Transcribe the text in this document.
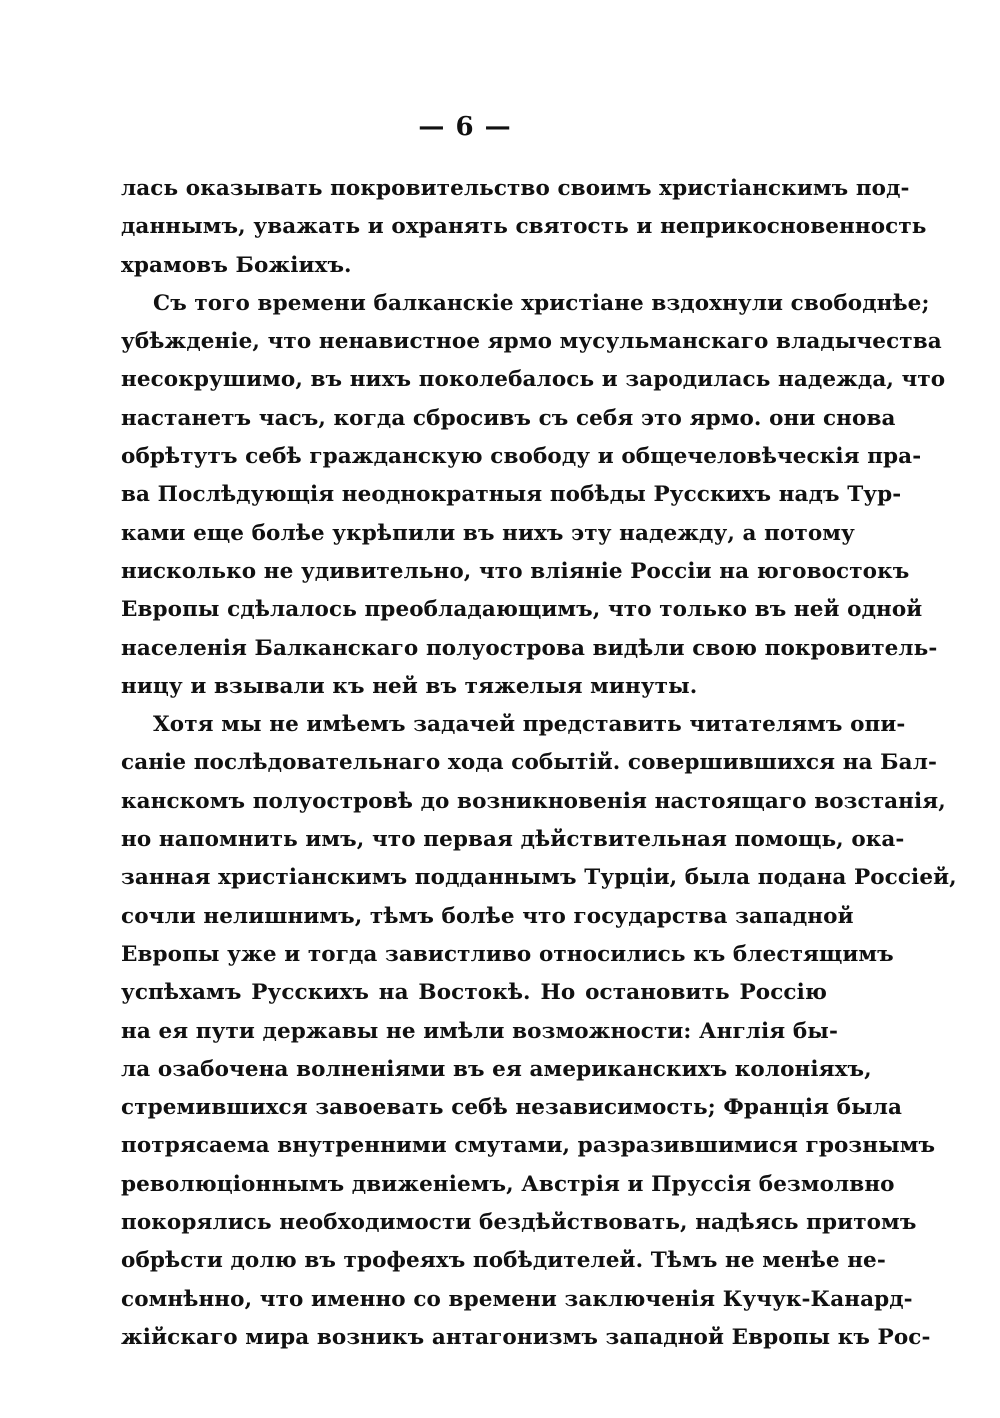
— 6 —
лась оказывать покровительство своимъ христіанскимъ под-
даннымъ, уважать и охранять святость и неприкосновенность
храмовъ Божіихъ.
Съ того времени балканскіе христіане вздохнули свободнѣе;
убѣжденіе, что ненавистное ярмо мусульманскаго владычества
несокрушимо, въ нихъ поколебалось и зародилась надежда, что
настанетъ часъ, когда сбросивъ съ себя это ярмо. они снова
обрѣтутъ себѣ гражданскую свободу и общечеловѣческія пра-
ва Послѣдующія неоднократныя побѣды Русскихъ надъ Тур-
ками еще болѣе укрѣпили въ нихъ эту надежду, а потому
нисколько не удивительно, что вліяніе Россіи на юговостокъ
Европы сдѣлалось преобладающимъ, что только въ ней одной
населенія Балканскаго полуострова видѣли свою покровитель-
ницу и взывали къ ней въ тяжелыя минуты.
Хотя мы не имѣемъ задачей представить читателямъ опи-
саніе послѣдовательнаго хода событій. совершившихся на Бал-
канскомъ полуостровѣ до возникновенія настоящаго возстанія,
но напомнить имъ, что первая дѣйствительная помощь, ока-
занная христіанскимъ подданнымъ Турціи, была подана Россіей,
сочли нелишнимъ, тѣмъ болѣе что государства западной
Европы уже и тогда завистливо относились къ блестящимъ
успѣхамъ Русскихъ на Востокѣ. Но остановить Россію
на ея пути державы не имѣли возможности: Англія бы-
ла озабочена волненіями въ ея американскихъ колоніяхъ,
стремившихся завоевать себѣ независимость; Франція была
потрясаема внутренними смутами, разразившимися грознымъ
революціоннымъ движеніемъ, Австрія и Пруссія безмолвно
покорялись необходимости бездѣйствовать, надѣясь притомъ
обрѣсти долю въ трофеяхъ побѣдителей. Тѣмъ не менѣе не-
сомнѣнно, что именно со времени заключенія Кучук-Канард-
жійскаго мира возникъ антагонизмъ западной Европы къ Рос-
